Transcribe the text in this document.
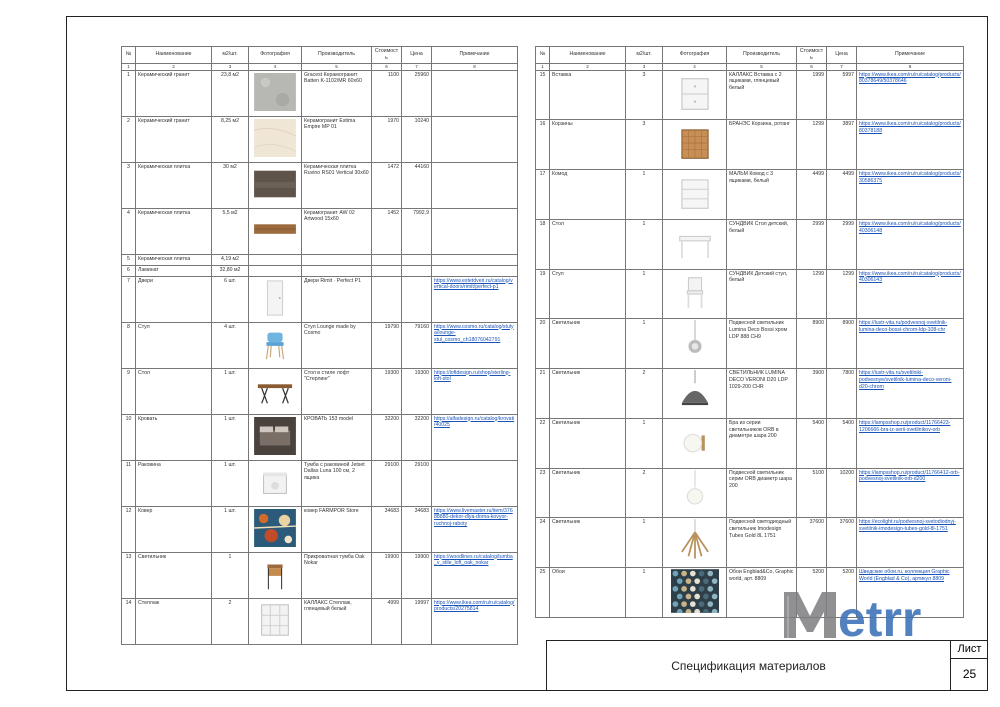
№	Наименование	м2/шт.	Фотография	Производитель	Стоимость	Цена	Примечание
1	2	3	4	5	6	7	8
1	Керамический гранит	23,8 м2		Gracest Керамогранит Batten K-1102/MR 60x60	1100	25960	
2	Керамический гранит	8,25 м2		Керамогранит Estima Empire MP 01	1970	10240	
3	Керамическая плитка	30 м2		Керамическая плитка Ruvino RS01 Vertical 30x60	1472	44160	
4	Керамическая плитка	5,5 м2		Керамогранит AW 02 Artwood 15x60	1452	7992,9	
5	Керамическая плитка	4,19 м2					
6	Ламинат	32,80 м2					
7	Двери	6 шт.		Двери Rimit · Perfect P1			https://www.estetdveri.ru/catalog/vertical-doors/rimit/perfect-p1
8	Стул	4 шт.		Стул Lounge made by Cosmo	19790	79160	https://www.cosmo.ru/catalog/stulya/lounge-stul_cosmo_ch18076042791
9	Стол	1 шт.		Стол в стиле лофт "Стерлинг"	19300	19300	https://loftdesign.ru/shop/sterling-loft-stol
10	Кровать	1 шт.		КРОВАТЬ 153 model	32200	32200	https://alfadesign.ru/catalog/krovati/40025
11	Раковина	1 шт.		Тумба с раковиной Jetset Dallas Luna 100 см, 2 ящика	29100	29100	
12	Ковер	1 шт.		ковер FARMPOR Store	34683	34683	https://www.livemaster.ru/item/37688880-dekor-dlya-doma-kovyor-ruchnoj-raboty
13	Светильник	1		Прикроватная тумба Oak Nokar	19900	19900	https://woodlines.ru/catalog/tumba_v_stile_loft_oak_nokar
14	Стеллаж	2		КАЛЛАКС Стеллаж, глянцевый белый	4999	19997	https://www.ikea.com/ru/ru/catalog/products/20275814
№	Наименование	м2/шт.	Фотография	Производитель	Стоимость	Цена	Примечание
1	2	3	4	5	6	7	8
15	Вставка	3		КАЛЛАКС Вставка с 2 ящиками, глянцевый белый	1999	5997	https://www.ikea.com/ru/ru/catalog/products/80378649/50378646
16	Корзины	3		БРАНЭС Корзина, ротанг	1299	3897	https://www.ikea.com/ru/ru/catalog/products/80378188
17	Комод	1		МАЛЬМ Комод с 3 ящиками, белый	4499	4499	https://www.ikea.com/ru/ru/catalog/products/30586375
18	Стол	1		СУНДВИК Стол детский, белый	2999	2999	https://www.ikea.com/ru/ru/catalog/products/40306148
19	Стул	1		СУНДВИК Детский стул, белый	1299	1299	https://www.ikea.com/ru/ru/catalog/products/40306143
20	Светильник	1		Подвесной светильник Lumina Deco Bossi хром LDP 888 СН9	8900	8900	https://lustr-vita.ru/podvesnoj-svetilnik-lumina-deco-bossi-chrom-ldp-108-chr
21	Светильник	2		СВЕТИЛЬНИК LUMINA DECO VERONI D20 LDP 1029-200 CHR	3900	7800	https://lustr-vita.ru/svetilniki-podvesnye/svetilnik-lumina-deco-veroni-d20-chrom
22	Светильник	1		Бра из серии светильников ORB в диаметре шара 200	5400	5400	https://lampsshop.ru/product/11766423-1206666-bra-iz-serii-svetilnikov-orb
23	Светильник	2		Подвесной светильник серии ORB диаметр шара 200	5100	10200	https://lampsshop.ru/product/11766412-orb-podvesnoj-svetilnik-orb-d200
24	Светильник	1		Подвесной светодиодный светильник Imodesign Tubes Gold 8L 1751	37600	37600	https://ecolight.ru/podvesnoj-svetodiodnyj-svetilnik-imodesign-tubes-gold-8l-1751
25	Обои	1		Обои Engblad&Co, Graphic world, арт. 8809	5200	5200	Шведские обои.ru, коллекция Graphic World (Engblad & Co), артикул 8809
etrr
Спецификация материалов
Лист
25
